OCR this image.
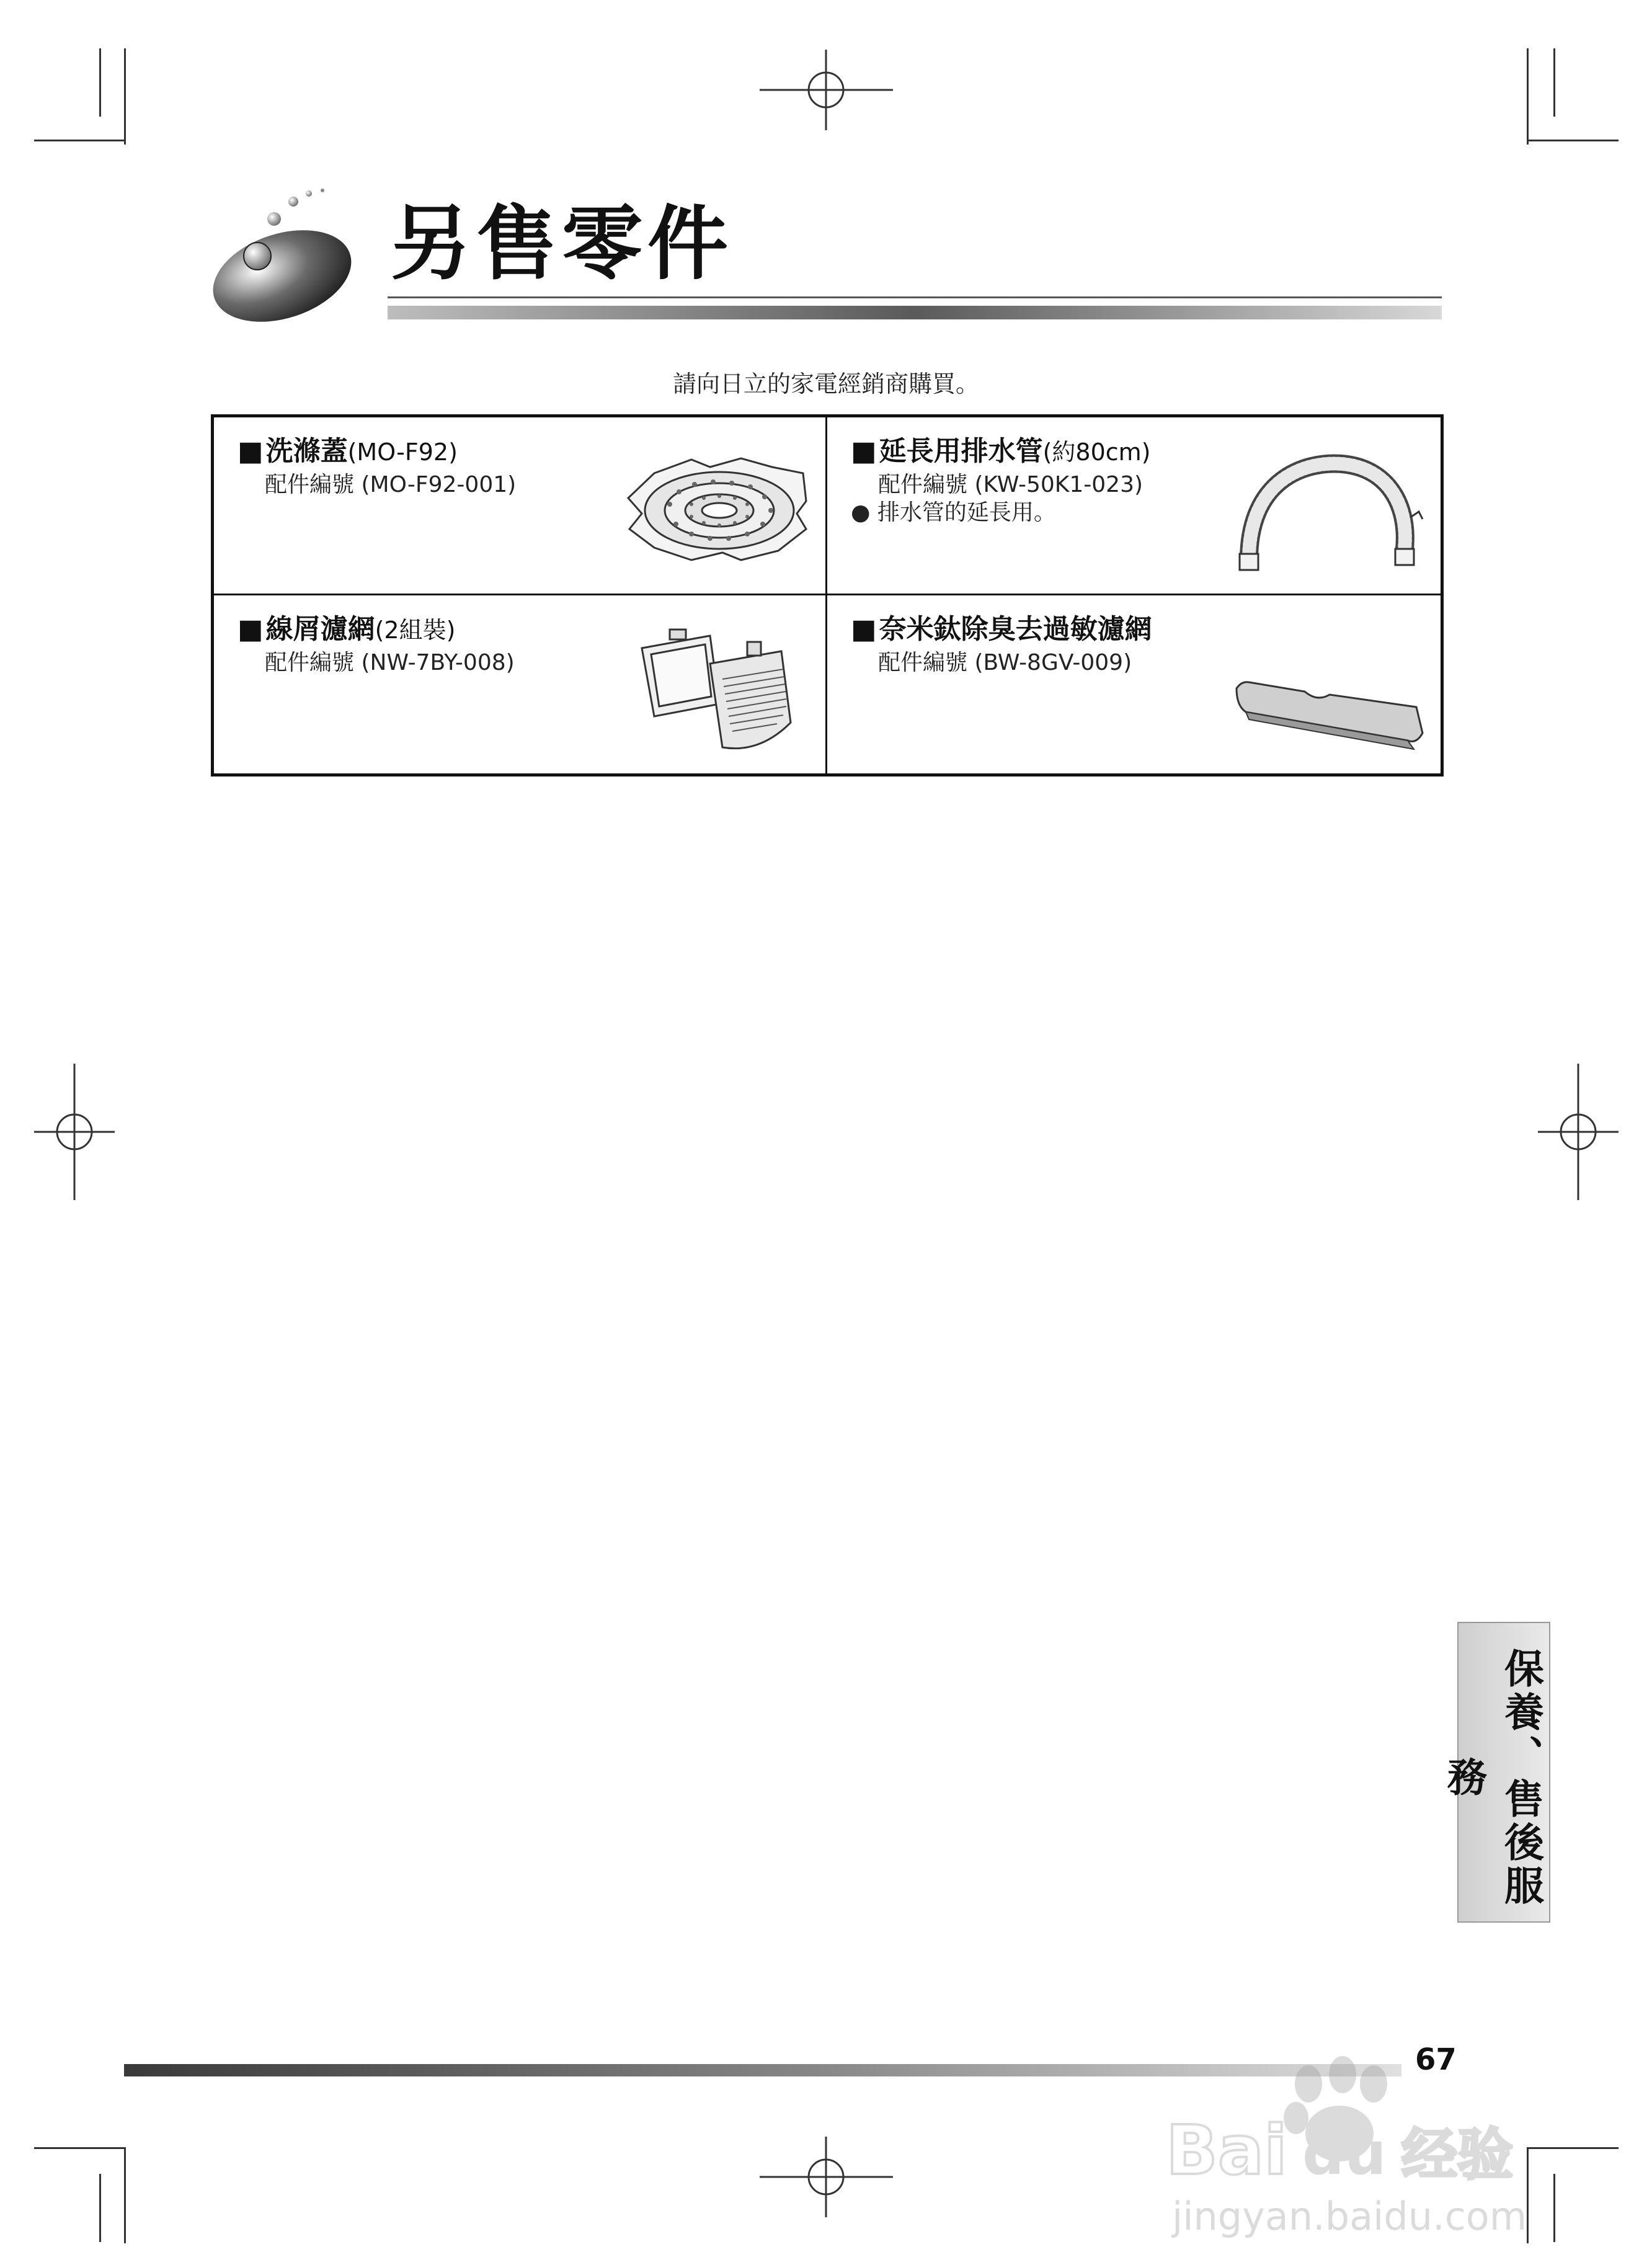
另售零件
請向日立的家電經銷商購買。
■洗滌蓋(MO-F92)
配件編號 (MO-F92-001)
■延長用排水管(約80cm)
配件編號 (KW-50K1-023)
● 排水管的延長用。
■線屑濾網(2組裝)
配件編號 (NW-7BY-008)
■奈米鈦除臭去過敏濾網
配件編號 (BW-8GV-009)
保養、售後服務
67
Bai du 经验
jingyan.baidu.com
